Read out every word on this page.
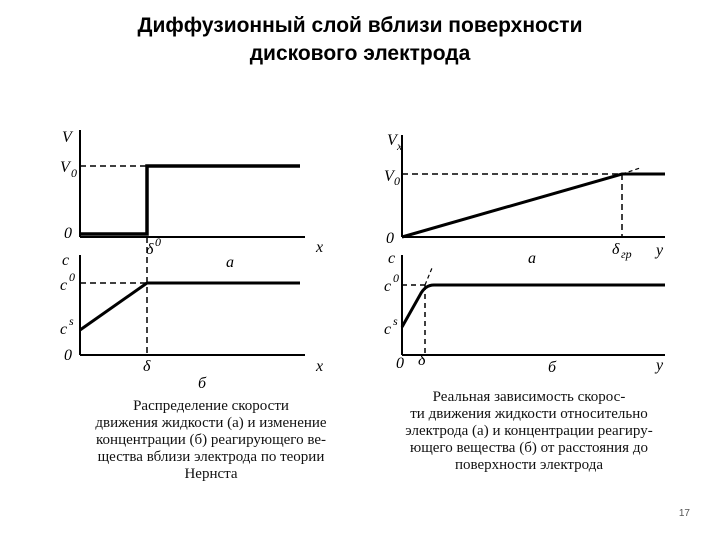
Диффузионный слой вблизи поверхности
дискового электрода
V
V 0
0
δ 0	x
а
с
c 0
c s
0
δ	x
б
V x
V 0
0
δ гр y
а
с
c 0
c s
0 δ	y
б
Распределение скорости
движения жидкости (а) и изменение
концентрации (б) реагирующего ве-
щества вблизи электрода по теории
Нернста
Реальная зависимость скорос-
ти движения жидкости относительно
электрода (а) и концентрации реагиру-
ющего вещества (б) от расстояния до
поверхности электрода
17
